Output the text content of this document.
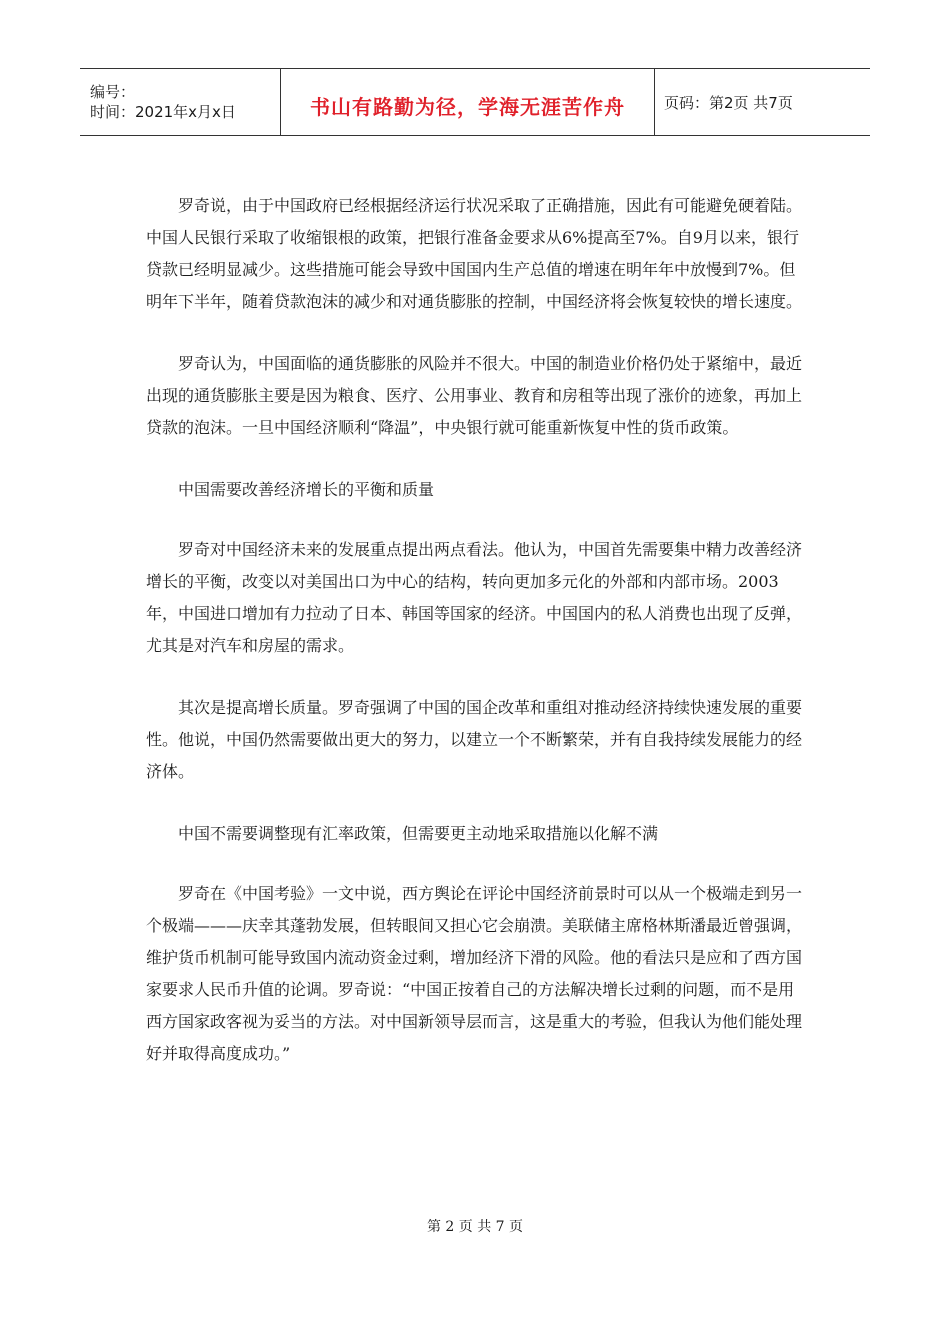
编号：
时间：2021年x月x日	书山有路勤为径，学海无涯苦作舟	页码：第2页 共7页

罗奇说，由于中国政府已经根据经济运行状况采取了正确措施，因此有可能避免硬着陆。中国人民银行采取了收缩银根的政策，把银行准备金要求从6%提高至7%。自9月以来，银行贷款已经明显减少。这些措施可能会导致中国国内生产总值的增速在明年年中放慢到7%。但明年下半年，随着贷款泡沫的减少和对通货膨胀的控制，中国经济将会恢复较快的增长速度。

罗奇认为，中国面临的通货膨胀的风险并不很大。中国的制造业价格仍处于紧缩中，最近出现的通货膨胀主要是因为粮食、医疗、公用事业、教育和房租等出现了涨价的迹象，再加上贷款的泡沫。一旦中国经济顺利“降温”，中央银行就可能重新恢复中性的货币政策。

中国需要改善经济增长的平衡和质量

罗奇对中国经济未来的发展重点提出两点看法。他认为，中国首先需要集中精力改善经济增长的平衡，改变以对美国出口为中心的结构，转向更加多元化的外部和内部市场。2003年，中国进口增加有力拉动了日本、韩国等国家的经济。中国国内的私人消费也出现了反弹，尤其是对汽车和房屋的需求。

其次是提高增长质量。罗奇强调了中国的国企改革和重组对推动经济持续快速发展的重要性。他说，中国仍然需要做出更大的努力，以建立一个不断繁荣，并有自我持续发展能力的经济体。

中国不需要调整现有汇率政策，但需要更主动地采取措施以化解不满

罗奇在《中国考验》一文中说，西方舆论在评论中国经济前景时可以从一个极端走到另一个极端———庆幸其蓬勃发展，但转眼间又担心它会崩溃。美联储主席格林斯潘最近曾强调，维护货币机制可能导致国内流动资金过剩，增加经济下滑的风险。他的看法只是应和了西方国家要求人民币升值的论调。罗奇说：“中国正按着自己的方法解决增长过剩的问题，而不是用西方国家政客视为妥当的方法。对中国新领导层而言，这是重大的考验，但我认为他们能处理好并取得高度成功。”

第 2 页 共 7 页
